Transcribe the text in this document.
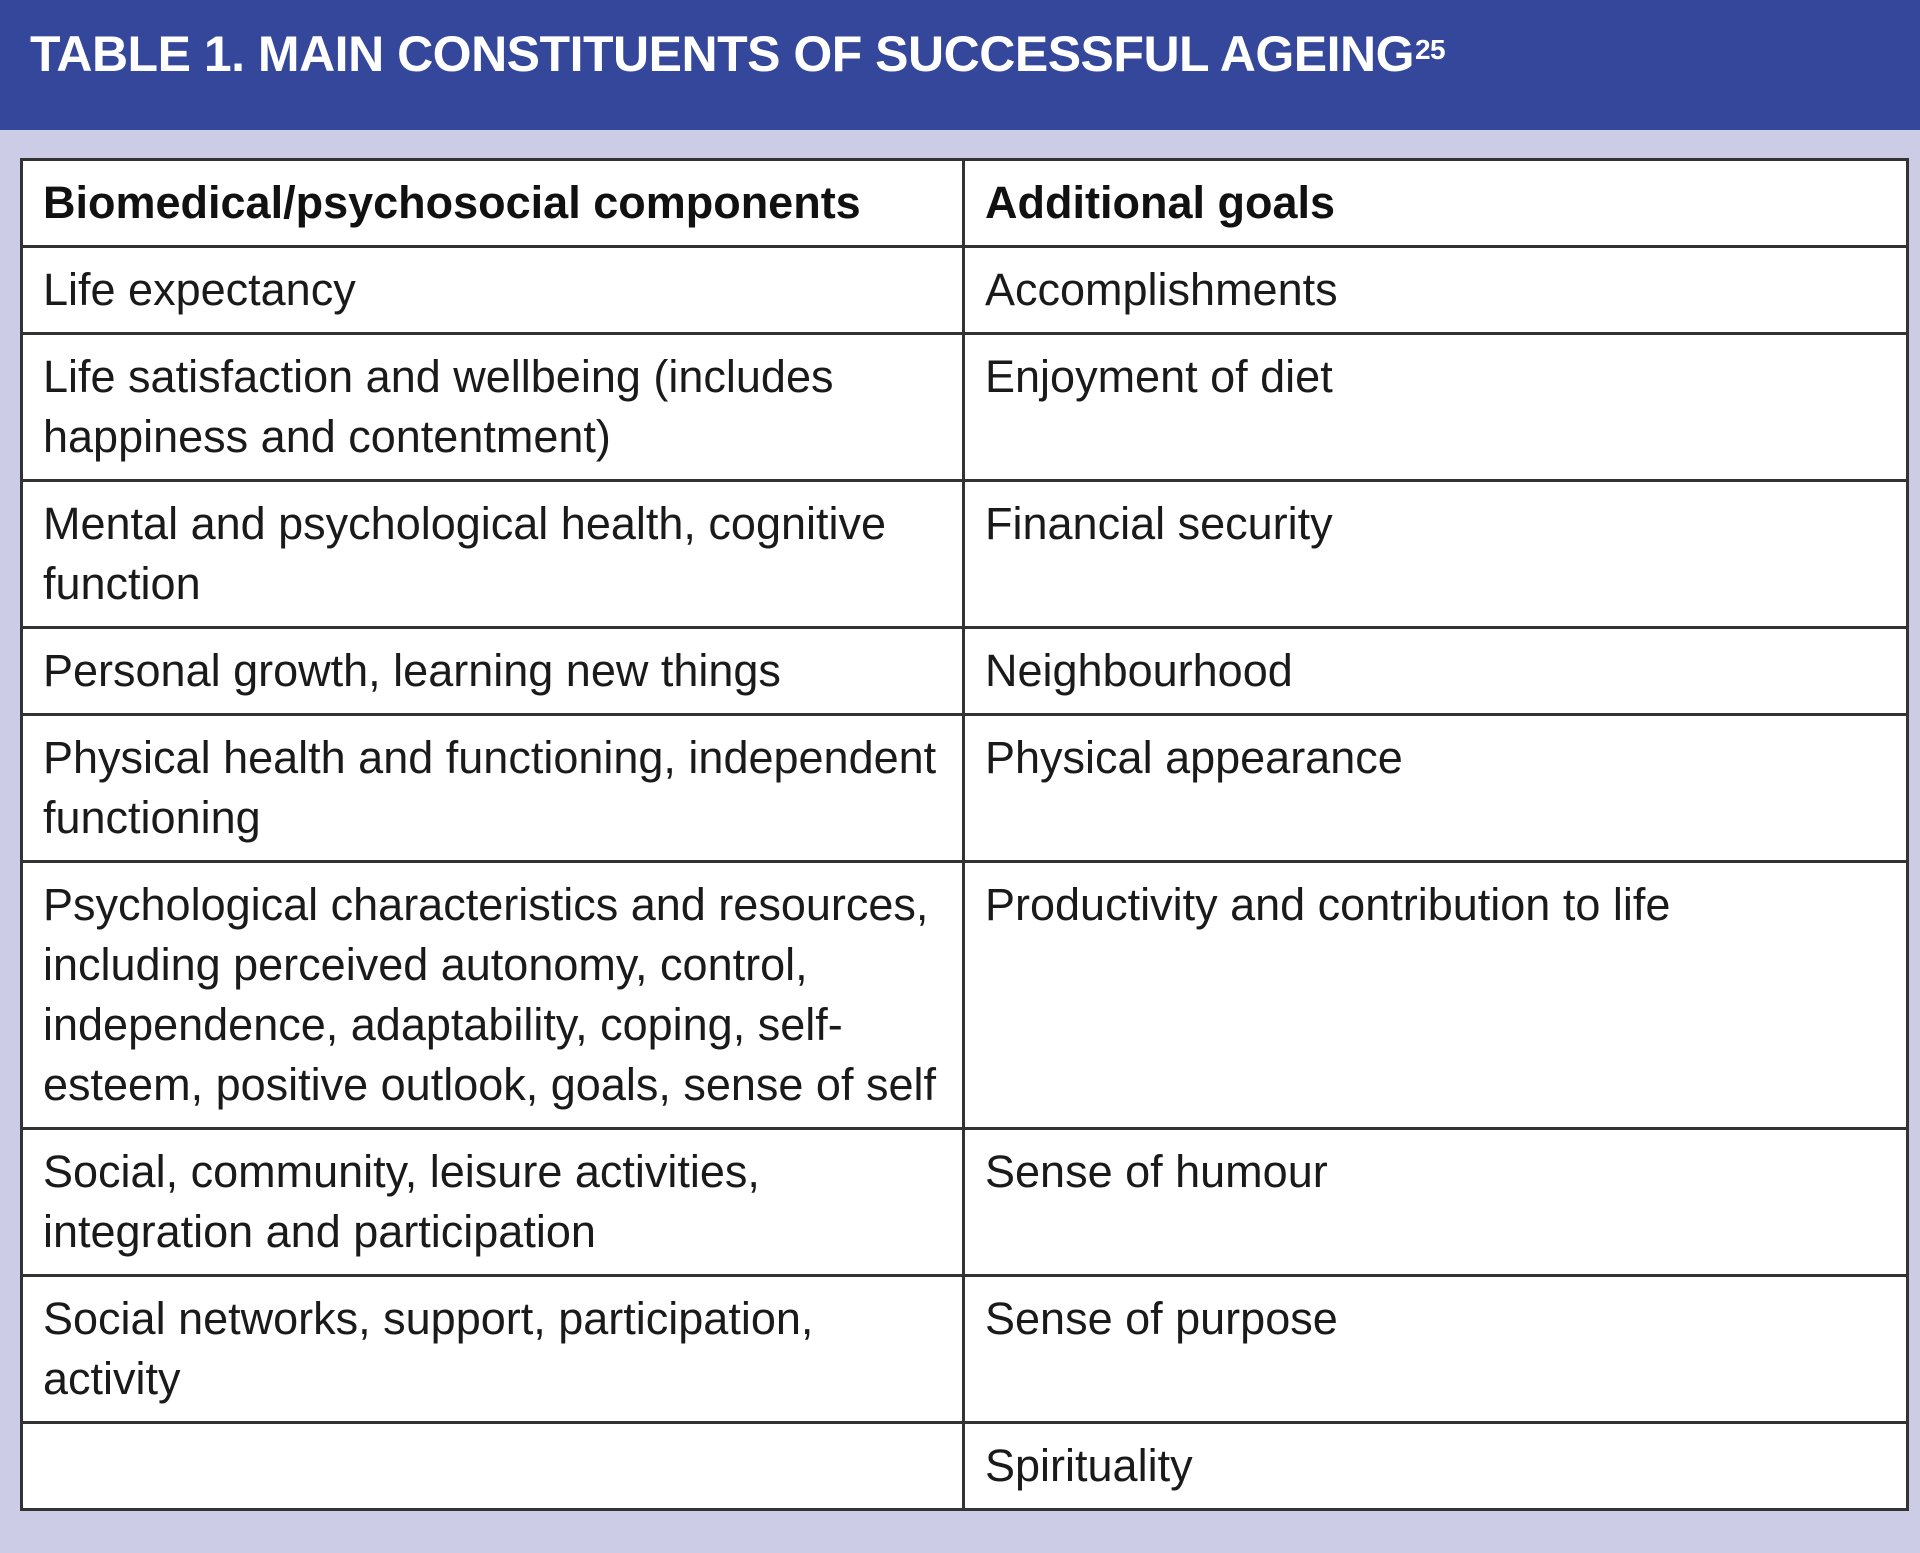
TABLE 1. MAIN CONSTITUENTS OF SUCCESSFUL AGEING$^{25}$
Biomedical/psychosocial components	Additional goals
Life expectancy	Accomplishments
Life satisfaction and wellbeing (includes happiness and contentment)	Enjoyment of diet
Mental and psychological health, cognitive function	Financial security
Personal growth, learning new things	Neighbourhood
Physical health and functioning, independent functioning	Physical appearance
Psychological characteristics and resources, including perceived autonomy, control, independence, adaptability, coping, self-esteem, positive outlook, goals, sense of self	Productivity and contribution to life
Social, community, leisure activities, integration and participation	Sense of humour
Social networks, support, participation, activity	Sense of purpose
	Spirituality
